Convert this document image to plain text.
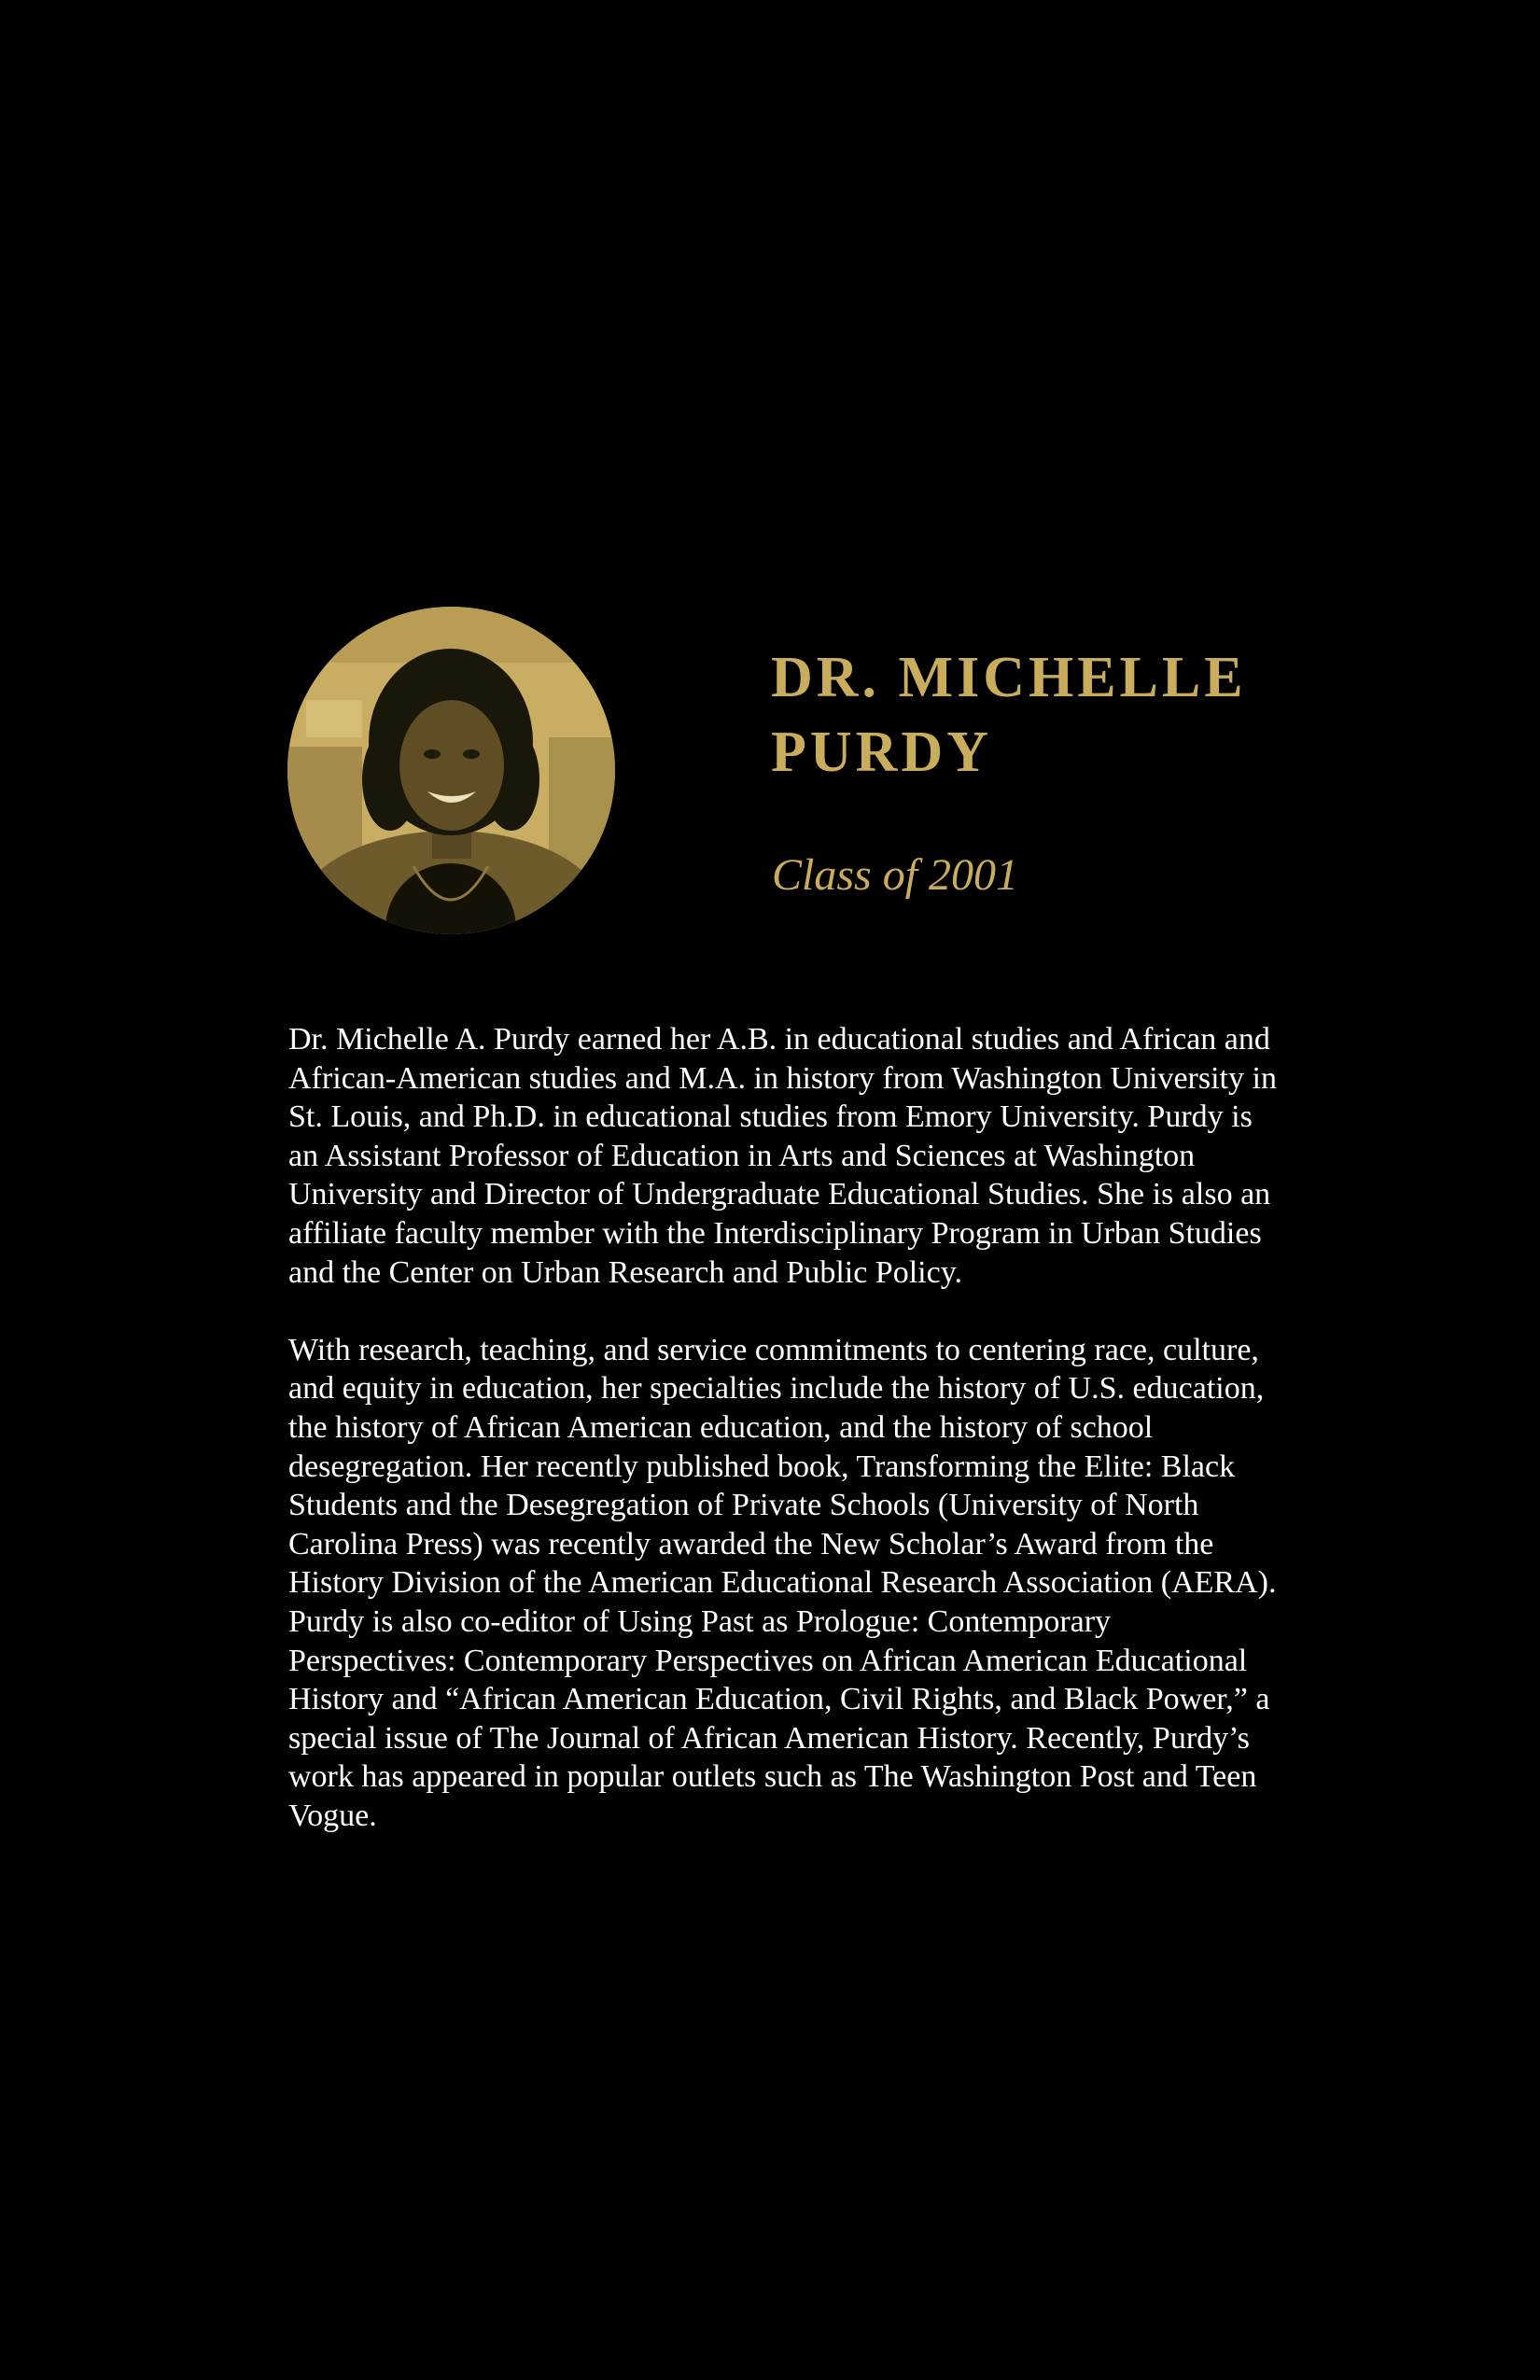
DR. MICHELLE
PURDY

Class of 2001

Dr. Michelle A. Purdy earned her A.B. in educational studies and African and African-American studies and M.A. in history from Washington University in St. Louis, and Ph.D. in educational studies from Emory University. Purdy is an Assistant Professor of Education in Arts and Sciences at Washington University and Director of Undergraduate Educational Studies. She is also an affiliate faculty member with the Interdisciplinary Program in Urban Studies and the Center on Urban Research and Public Policy.

With research, teaching, and service commitments to centering race, culture, and equity in education, her specialties include the history of U.S. education, the history of African American education, and the history of school desegregation. Her recently published book, Transforming the Elite: Black Students and the Desegregation of Private Schools (University of North Carolina Press) was recently awarded the New Scholar’s Award from the History Division of the American Educational Research Association (AERA). Purdy is also co-editor of Using Past as Prologue: Contemporary Perspectives: Contemporary Perspectives on African American Educational History and “African American Education, Civil Rights, and Black Power,” a special issue of The Journal of African American History. Recently, Purdy’s work has appeared in popular outlets such as The Washington Post and Teen Vogue.
